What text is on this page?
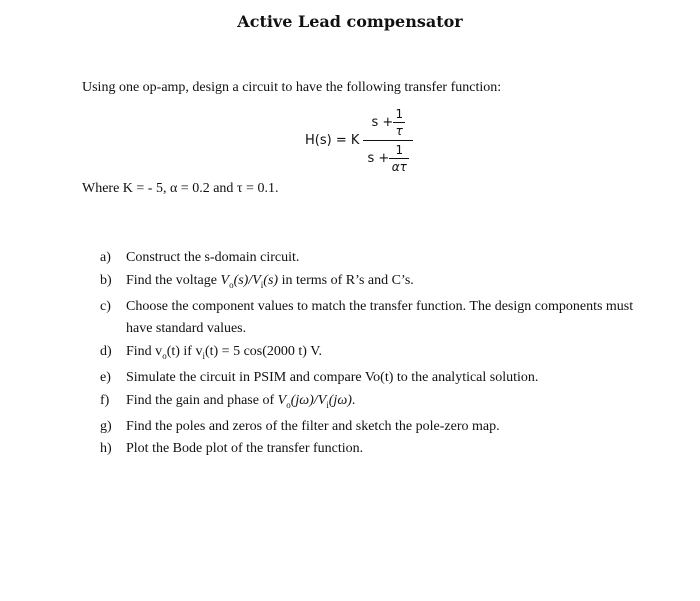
Active Lead compensator
Using one op-amp, design a circuit to have the following transfer function:
H(s) = K $\frac{s + \frac{1}{\tau}}{s + \frac{1}{\alpha\tau}}$
Where K = - 5, α = 0.2 and τ = 0.1.
a)	Construct the s-domain circuit.
b)	Find the voltage $V_o(s)/V_i(s)$ in terms of R’s and C’s.
c)	Choose the component values to match the transfer function. The design components must have standard values.
d)	Find $v_o(t)$ if $v_i(t) = 5$ cos(2000 t) V.
e)	Simulate the circuit in PSIM and compare Vo(t) to the analytical solution.
f)	Find the gain and phase of $V_o(j\omega)/V_i(j\omega)$.
g)	Find the poles and zeros of the filter and sketch the pole-zero map.
h)	Plot the Bode plot of the transfer function.
